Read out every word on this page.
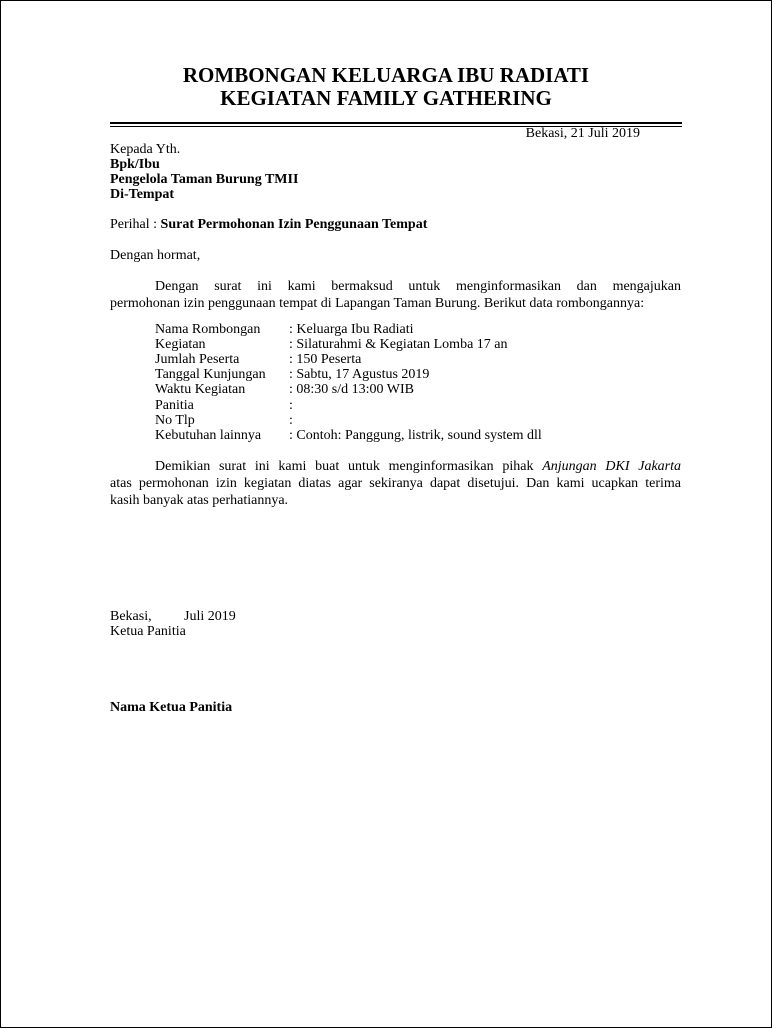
ROMBONGAN KELUARGA IBU RADIATI
KEGIATAN FAMILY GATHERING
Bekasi, 21 Juli 2019
Kepada Yth.
Bpk/Ibu
Pengelola Taman Burung TMII
Di-Tempat
Perihal : Surat Permohonan Izin Penggunaan Tempat
Dengan hormat,
Dengan surat ini kami bermaksud untuk menginformasikan dan mengajukan
permohonan izin penggunaan tempat di Lapangan Taman Burung. Berikut data rombongannya:
Nama Rombongan : Keluarga Ibu Radiati
Kegiatan	: Silaturahmi & Kegiatan Lomba 17 an
Jumlah Peserta	: 150 Peserta
Tanggal Kunjungan : Sabtu, 17 Agustus 2019
Waktu Kegiatan	: 08:30 s/d 13:00 WIB
Panitia	:
No Tlp	:
Kebutuhan lainnya : Contoh: Panggung, listrik, sound system dll
Demikian surat ini kami buat untuk menginformasikan pihak Anjungan DKI Jakarta
atas permohonan izin kegiatan diatas agar sekiranya dapat disetujui. Dan kami ucapkan terima
kasih banyak atas perhatiannya.
Bekasi, Juli 2019
Ketua Panitia
Nama Ketua Panitia
